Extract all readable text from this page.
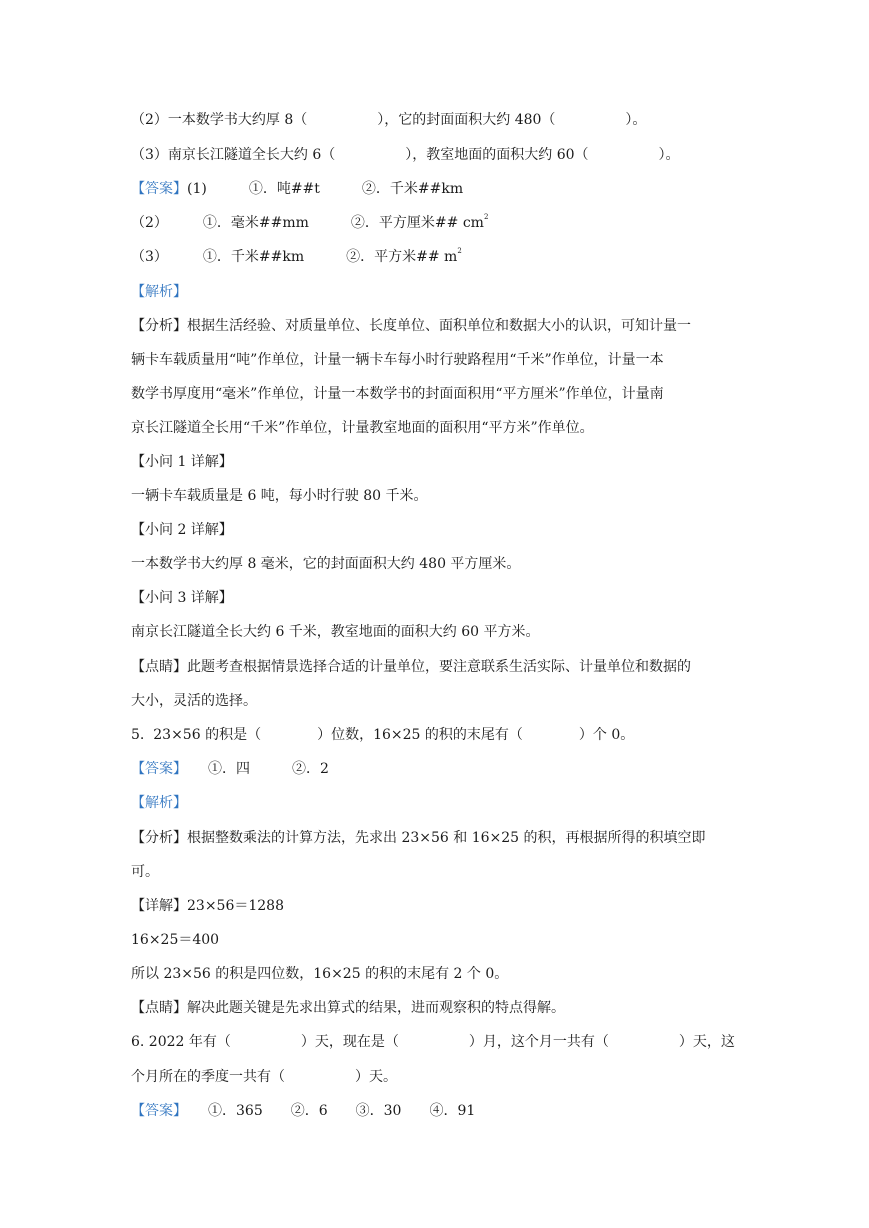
（2）一本数学书大约厚 8（　　　　　），它的封面面积大约 480（　　　　　）。
（3）南京长江隧道全长大约 6（　　　　　），教室地面的面积大约 60（　　　　　）。
【答案】(1)　　　①．吨##t　　　②．千米##km
（2）　　　①．毫米##mm　　　②．平方厘米## $cm^2$
（3）　　　①．千米##km　　　②．平方米## $m^2$
【解析】
【分析】根据生活经验、对质量单位、长度单位、面积单位和数据大小的认识，可知计量一
辆卡车载质量用“吨”作单位，计量一辆卡车每小时行驶路程用“千米”作单位，计量一本
数学书厚度用“毫米”作单位，计量一本数学书的封面面积用“平方厘米”作单位，计量南
京长江隧道全长用“千米”作单位，计量教室地面的面积用“平方米”作单位。
【小问 1 详解】
一辆卡车载质量是 6 吨，每小时行驶 80 千米。
【小问 2 详解】
一本数学书大约厚 8 毫米，它的封面面积大约 480 平方厘米。
【小问 3 详解】
南京长江隧道全长大约 6 千米，教室地面的面积大约 60 平方米。
【点睛】此题考查根据情景选择合适的计量单位，要注意联系生活实际、计量单位和数据的
大小，灵活的选择。
5.  23×56 的积是（　　　　）位数，16×25 的积的末尾有（　　　　）个 0。
【答案】　　①．四　　　②．2
【解析】
【分析】根据整数乘法的计算方法，先求出 23×56 和 16×25 的积，再根据所得的积填空即
可。
【详解】23×56＝1288
16×25＝400
所以 23×56 的积是四位数，16×25 的积的末尾有 2 个 0。
【点睛】解决此题关键是先求出算式的结果，进而观察积的特点得解。
6. 2022 年有（　　　　　）天，现在是（　　　　　）月，这个月一共有（　　　　　）天，这
个月所在的季度一共有（　　　　　）天。
【答案】　　①．365　　②．6　　③．30　　④．91
